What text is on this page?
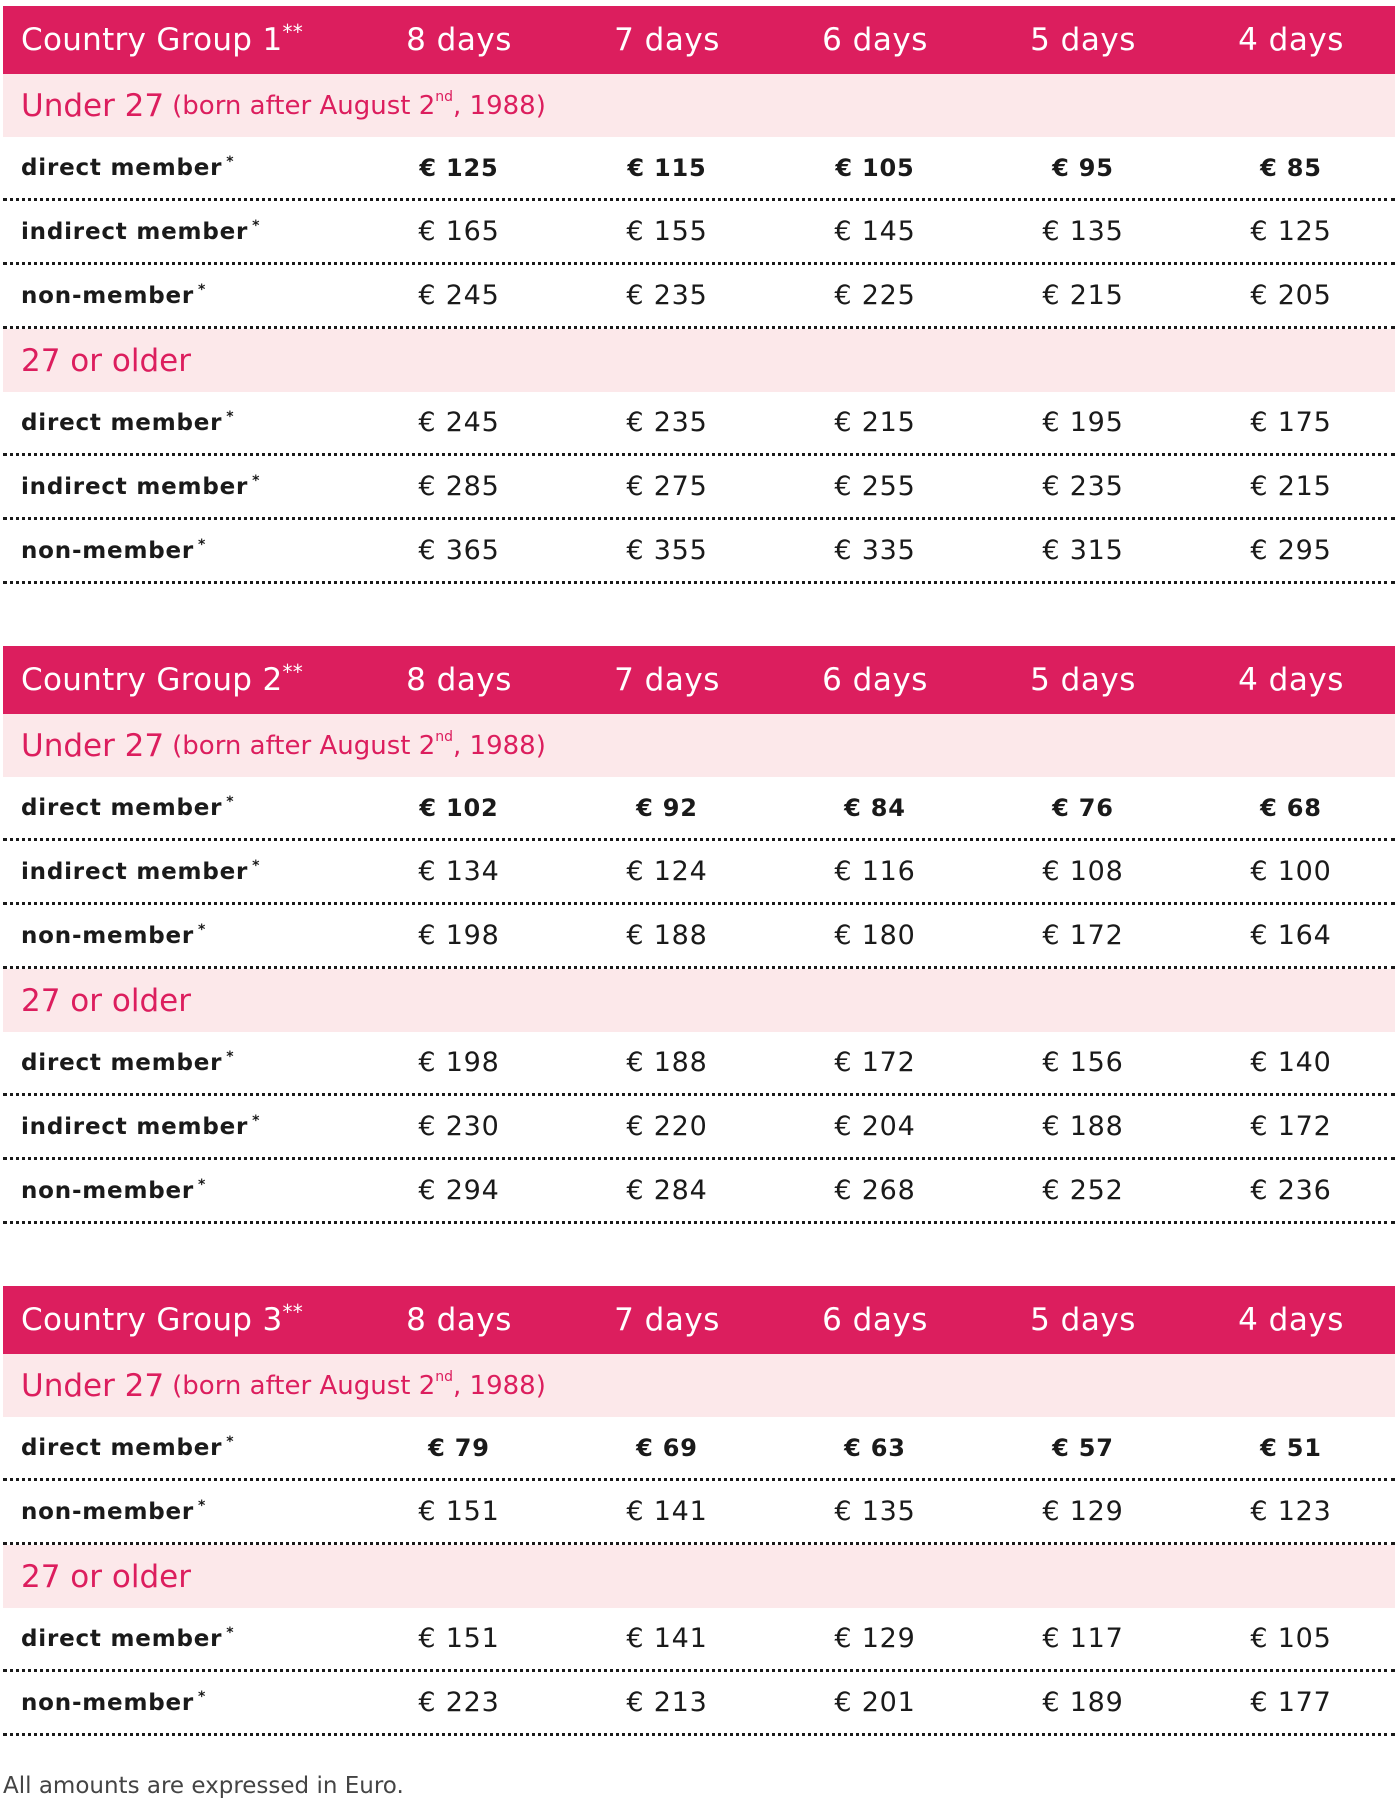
Country Group 1**	8 days	7 days	6 days	5 days	4 days
Under 27 (born after August 2nd, 1988)
direct member *	€ 125	€ 115	€ 105	€ 95	€ 85
indirect member *	€ 165	€ 155	€ 145	€ 135	€ 125
non-member *	€ 245	€ 235	€ 225	€ 215	€ 205
27 or older
direct member *	€ 245	€ 235	€ 215	€ 195	€ 175
indirect member *	€ 285	€ 275	€ 255	€ 235	€ 215
non-member *	€ 365	€ 355	€ 335	€ 315	€ 295
Country Group 2**	8 days	7 days	6 days	5 days	4 days
Under 27 (born after August 2nd, 1988)
direct member *	€ 102	€ 92	€ 84	€ 76	€ 68
indirect member *	€ 134	€ 124	€ 116	€ 108	€ 100
non-member *	€ 198	€ 188	€ 180	€ 172	€ 164
27 or older
direct member *	€ 198	€ 188	€ 172	€ 156	€ 140
indirect member *	€ 230	€ 220	€ 204	€ 188	€ 172
non-member *	€ 294	€ 284	€ 268	€ 252	€ 236
Country Group 3**	8 days	7 days	6 days	5 days	4 days
Under 27 (born after August 2nd, 1988)
direct member *	€ 79	€ 69	€ 63	€ 57	€ 51
non-member *	€ 151	€ 141	€ 135	€ 129	€ 123
27 or older
direct member *	€ 151	€ 141	€ 129	€ 117	€ 105
non-member *	€ 223	€ 213	€ 201	€ 189	€ 177
All amounts are expressed in Euro.
